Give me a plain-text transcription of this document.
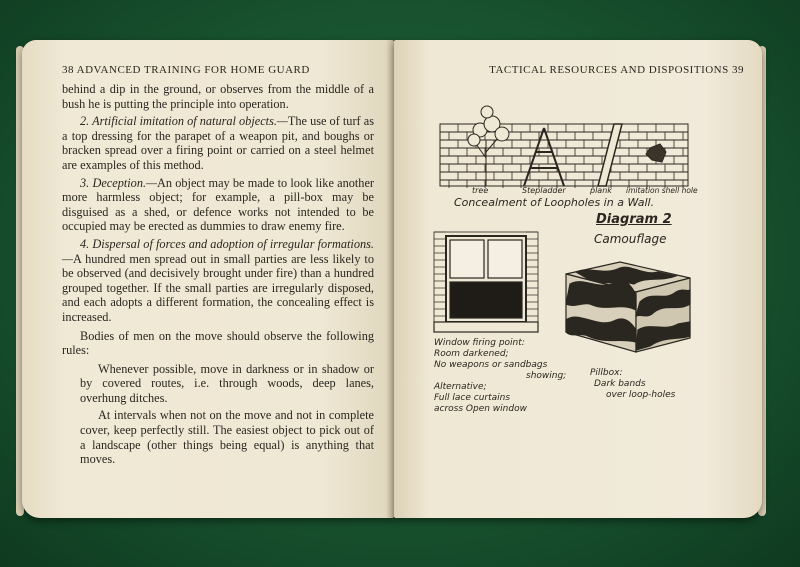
38 ADVANCED TRAINING FOR HOME GUARD

behind a dip in the ground, or observes from the middle of a bush he is putting the principle into operation.

2. Artificial imitation of natural objects.—The use of turf as a top dressing for the parapet of a weapon pit, and boughs or bracken spread over a firing point or carried on a steel helmet are examples of this method.

3. Deception.—An object may be made to look like another more harmless object; for example, a pill-box may be disguised as a shed, or defence works not intended to be occupied may be erected as dummies to draw enemy fire.

4. Dispersal of forces and adoption of irregular formations.—A hundred men spread out in small parties are less likely to be observed (and decisively brought under fire) than a hundred grouped together. If the small parties are irregularly disposed, and each adopts a different formation, the concealing effect is increased.

Bodies of men on the move should observe the following rules:

Whenever possible, move in darkness or in shadow or by covered routes, i.e. through woods, deep lanes, overhung ditches.

At intervals when not on the move and not in complete cover, keep perfectly still. The easiest object to pick out of a landscape (other things being equal) is anything that moves.

TACTICAL RESOURCES AND DISPOSITIONS 39
tree	Stepladder	plank imitation shell hole
Concealment of Loopholes in a Wall.
Diagram 2
Camouflage
Window firing point:
Room darkened;
No weapons or sandbags
showing;
Alternative;
Full lace curtains
across Open window
Pillbox:
Dark bands
over loop-holes
